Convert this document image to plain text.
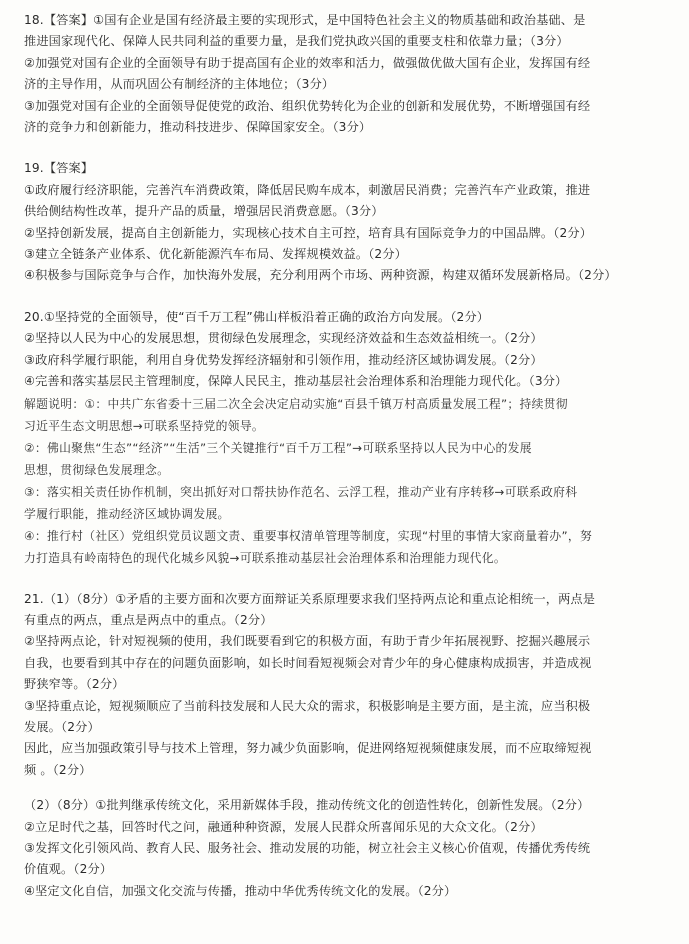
18.【答案】①国有企业是国有经济最主要的实现形式，是中国特色社会主义的物质基础和政治基础、是
推进国家现代化、保障人民共同利益的重要力量，是我们党执政兴国的重要支柱和依靠力量；（3分）
②加强党对国有企业的全面领导有助于提高国有企业的效率和活力，做强做优做大国有企业，发挥国有经
济的主导作用，从而巩固公有制经济的主体地位；（3分）
③加强党对国有企业的全面领导促使党的政治、组织优势转化为企业的创新和发展优势，不断增强国有经
济的竞争力和创新能力，推动科技进步、保障国家安全。（3分）
19.【答案】
①政府履行经济职能，完善汽车消费政策，降低居民购车成本，刺激居民消费；完善汽车产业政策，推进
供给侧结构性改革，提升产品的质量，增强居民消费意愿。（3分）
②坚持创新发展，提高自主创新能力，实现核心技术自主可控，培育具有国际竞争力的中国品牌。（2分）
③建立全链条产业体系、优化新能源汽车布局、发挥规模效益。（2分）
④积极参与国际竞争与合作，加快海外发展，充分利用两个市场、两种资源，构建双循环发展新格局。（2分）
20.①坚持党的全面领导，使“百千万工程”佛山样板沿着正确的政治方向发展。（2分）
②坚持以人民为中心的发展思想，贯彻绿色发展理念，实现经济效益和生态效益相统一。（2分）
③政府科学履行职能，利用自身优势发挥经济辐射和引领作用，推动经济区域协调发展。（2分）
④完善和落实基层民主管理制度，保障人民民主，推动基层社会治理体系和治理能力现代化。（3分）
解题说明：①：中共广东省委十三届二次全会决定启动实施“百县千镇万村高质量发展工程”；持续贯彻
习近平生态文明思想→可联系坚持党的领导。
②：佛山聚焦“生态”“经济”“生活”三个关键推行“百千万工程”→可联系坚持以人民为中心的发展
思想，贯彻绿色发展理念。
③：落实相关责任协作机制，突出抓好对口帮扶协作范名、云浮工程，推动产业有序转移→可联系政府科
学履行职能，推动经济区域协调发展。
④：推行村（社区）党组织党员议题文责、重要事权清单管理等制度，实现“村里的事情大家商量着办”，努
力打造具有岭南特色的现代化城乡风貌→可联系推动基层社会治理体系和治理能力现代化。
21.（1）（8分）①矛盾的主要方面和次要方面辩证关系原理要求我们坚持两点论和重点论相统一，两点是
有重点的两点，重点是两点中的重点。（2分）
②坚持两点论，针对短视频的使用，我们既要看到它的积极方面，有助于青少年拓展视野、挖掘兴趣展示
自我，也要看到其中存在的问题负面影响，如长时间看短视频会对青少年的身心健康构成损害，并造成视
野狭窄等。（2分）
③坚持重点论，短视频顺应了当前科技发展和人民大众的需求，积极影响是主要方面，是主流，应当积极
发展。（2分）
因此，应当加强政策引导与技术上管理，努力减少负面影响，促进网络短视频健康发展，而不应取缔短视
频 。（2分）
（2）（8分）①批判继承传统文化，采用新媒体手段，推动传统文化的创造性转化，创新性发展。（2分）
②立足时代之基，回答时代之问，融通种种资源，发展人民群众所喜闻乐见的大众文化。（2分）
③发挥文化引领风尚、教育人民、服务社会、推动发展的功能，树立社会主义核心价值观，传播优秀传统
价值观。（2分）
④坚定文化自信，加强文化交流与传播，推动中华优秀传统文化的发展。（2分）
